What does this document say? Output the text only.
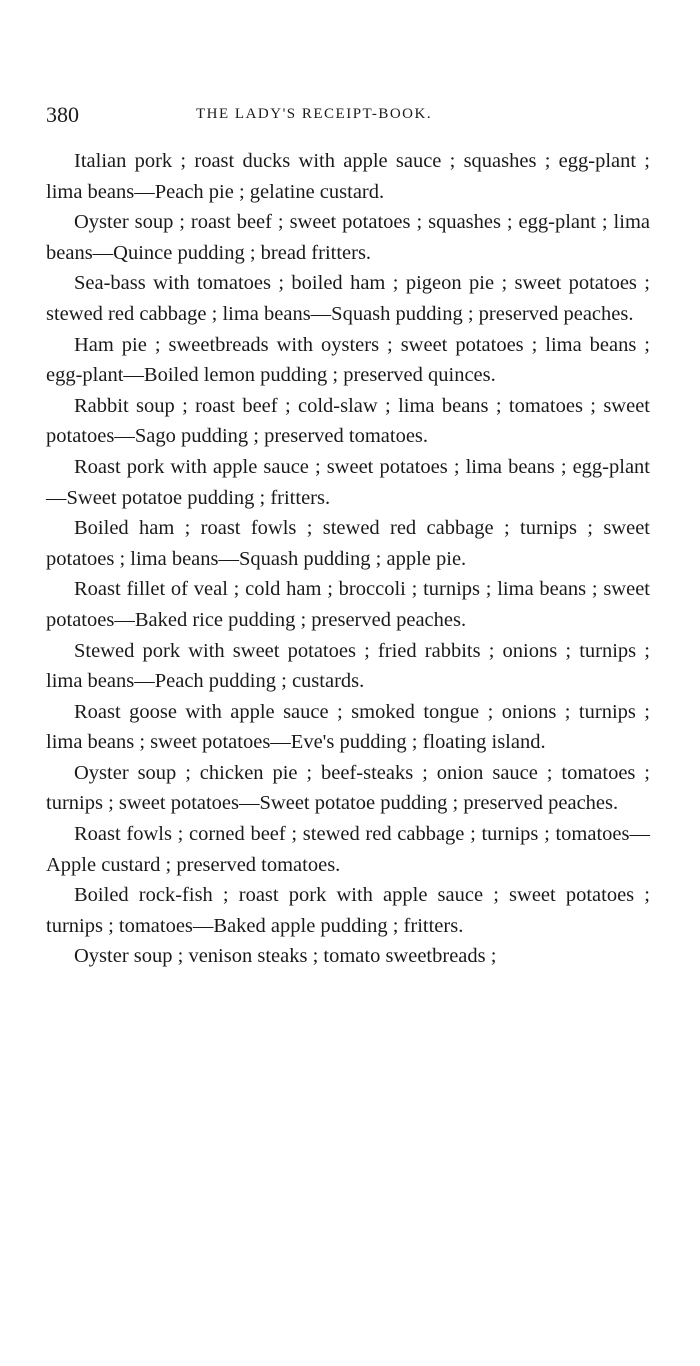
380	THE LADY'S RECEIPT-BOOK.

Italian pork ; roast ducks with apple sauce ; squashes ; egg-plant ; lima beans—Peach pie ; gelatine custard.

Oyster soup ; roast beef ; sweet potatoes ; squashes ; egg-plant ; lima beans—Quince pudding ; bread fritters.

Sea-bass with tomatoes ; boiled ham ; pigeon pie ; sweet potatoes ; stewed red cabbage ; lima beans—Squash pudding ; preserved peaches.

Ham pie ; sweetbreads with oysters ; sweet potatoes ; lima beans ; egg-plant—Boiled lemon pudding ; preserved quinces.

Rabbit soup ; roast beef ; cold-slaw ; lima beans ; tomatoes ; sweet potatoes—Sago pudding ; preserved tomatoes.

Roast pork with apple sauce ; sweet potatoes ; lima beans ; egg-plant—Sweet potatoe pudding ; fritters.

Boiled ham ; roast fowls ; stewed red cabbage ; turnips ; sweet potatoes ; lima beans—Squash pudding ; apple pie.

Roast fillet of veal ; cold ham ; broccoli ; turnips ; lima beans ; sweet potatoes—Baked rice pudding ; preserved peaches.

Stewed pork with sweet potatoes ; fried rabbits ; onions ; turnips ; lima beans—Peach pudding ; custards.

Roast goose with apple sauce ; smoked tongue ; onions ; turnips ; lima beans ; sweet potatoes—Eve's pudding ; floating island.

Oyster soup ; chicken pie ; beef-steaks ; onion sauce ; tomatoes ; turnips ; sweet potatoes—Sweet potatoe pudding ; preserved peaches.

Roast fowls ; corned beef ; stewed red cabbage ; turnips ; tomatoes—Apple custard ; preserved tomatoes.

Boiled rock-fish ; roast pork with apple sauce ; sweet potatoes ; turnips ; tomatoes—Baked apple pudding ; fritters.

Oyster soup ; venison steaks ; tomato sweetbreads ;
